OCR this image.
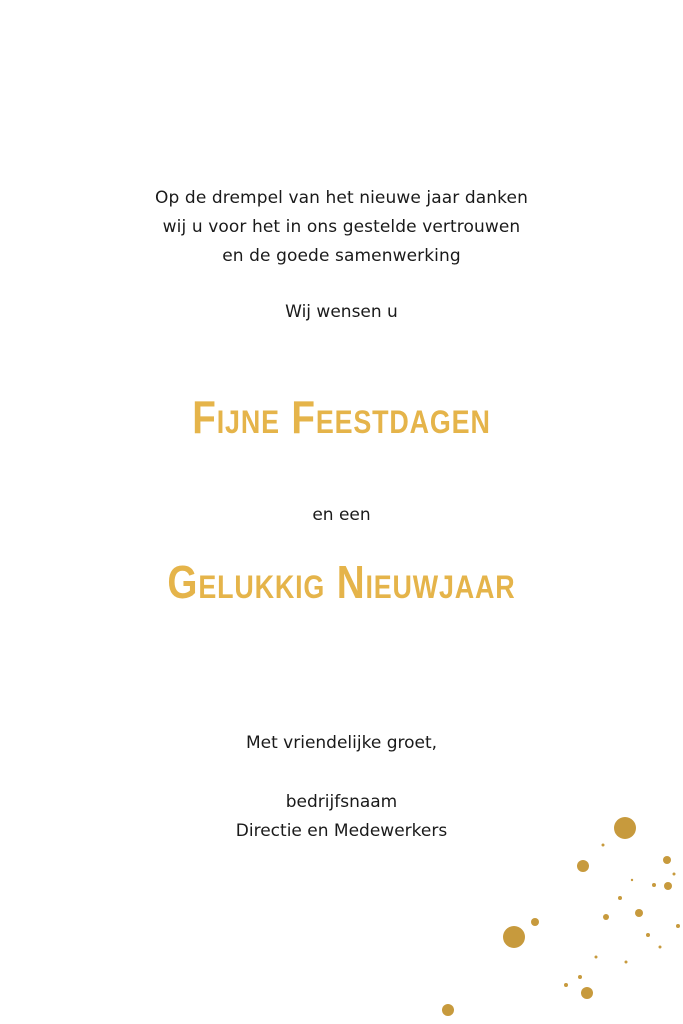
Op de drempel van het nieuwe jaar danken
wij u voor het in ons gestelde vertrouwen
en de goede samenwerking
Wij wensen u
Fijne Feestdagen
en een
Gelukkig Nieuwjaar
Met vriendelijke groet,
bedrijfsnaam
Directie en Medewerkers
